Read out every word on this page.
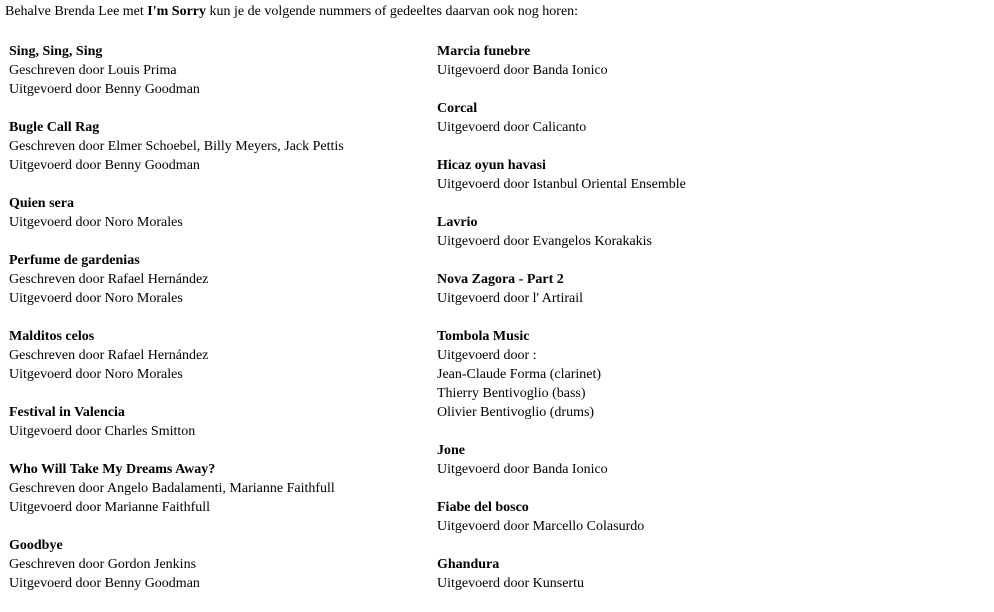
Behalve Brenda Lee met I'm Sorry kun je de volgende nummers of gedeeltes daarvan ook nog horen:
Sing, Sing, Sing
Geschreven door Louis Prima
Uitgevoerd door Benny Goodman
Bugle Call Rag
Geschreven door Elmer Schoebel, Billy Meyers, Jack Pettis
Uitgevoerd door Benny Goodman
Quien sera
Uitgevoerd door Noro Morales
Perfume de gardenias
Geschreven door Rafael Hernández
Uitgevoerd door Noro Morales
Malditos celos
Geschreven door Rafael Hernández
Uitgevoerd door Noro Morales
Festival in Valencia
Uitgevoerd door Charles Smitton
Who Will Take My Dreams Away?
Geschreven door Angelo Badalamenti, Marianne Faithfull
Uitgevoerd door Marianne Faithfull
Goodbye
Geschreven door Gordon Jenkins
Uitgevoerd door Benny Goodman
Marcia funebre
Uitgevoerd door Banda Ionico
Corcal
Uitgevoerd door Calicanto
Hicaz oyun havasi
Uitgevoerd door Istanbul Oriental Ensemble
Lavrio
Uitgevoerd door Evangelos Korakakis
Nova Zagora - Part 2
Uitgevoerd door l' Artirail
Tombola Music
Uitgevoerd door :
Jean-Claude Forma (clarinet)
Thierry Bentivoglio (bass)
Olivier Bentivoglio (drums)
Jone
Uitgevoerd door Banda Ionico
Fiabe del bosco
Uitgevoerd door Marcello Colasurdo
Ghandura
Uitgevoerd door Kunsertu
